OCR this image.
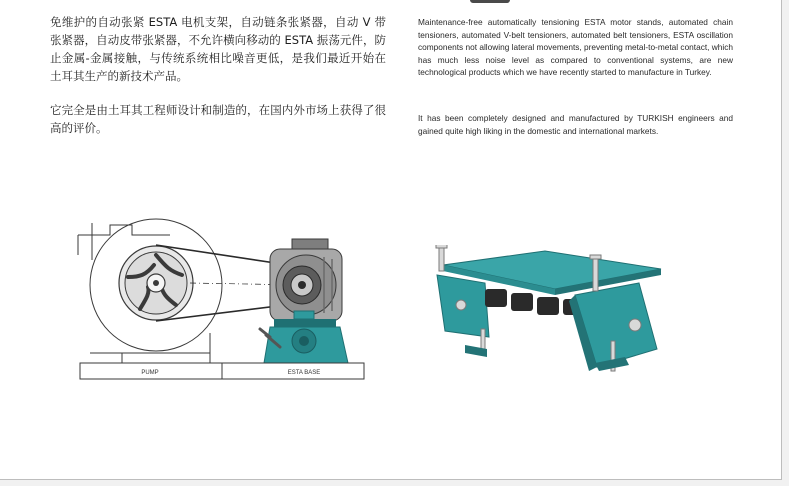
免维护的自动张紧 ESTA 电机支架，自动链条张紧器，自动 V 带张紧器，自动皮带张紧器，不允许横向移动的 ESTA 振荡元件，防止金属-金属接触，与传统系统相比噪音更低，是我们最近开始在土耳其生产的新技术产品。

它完全是由土耳其工程师设计和制造的，在国内外市场上获得了很高的评价。

Maintenance-free automatically tensioning ESTA motor stands, automated chain tensioners, automated V-belt tensioners, automated belt tensioners, ESTA oscillation components not allowing lateral movements, preventing metal-to-metal contact, which has much less noise level as compared to conventional systems, are new technological products which we have recently started to manufacture in Turkey.

It has been completely designed and manufactured by TURKISH engineers and gained quite high liking in the domestic and international markets.

PUMP	ESTA BASE
